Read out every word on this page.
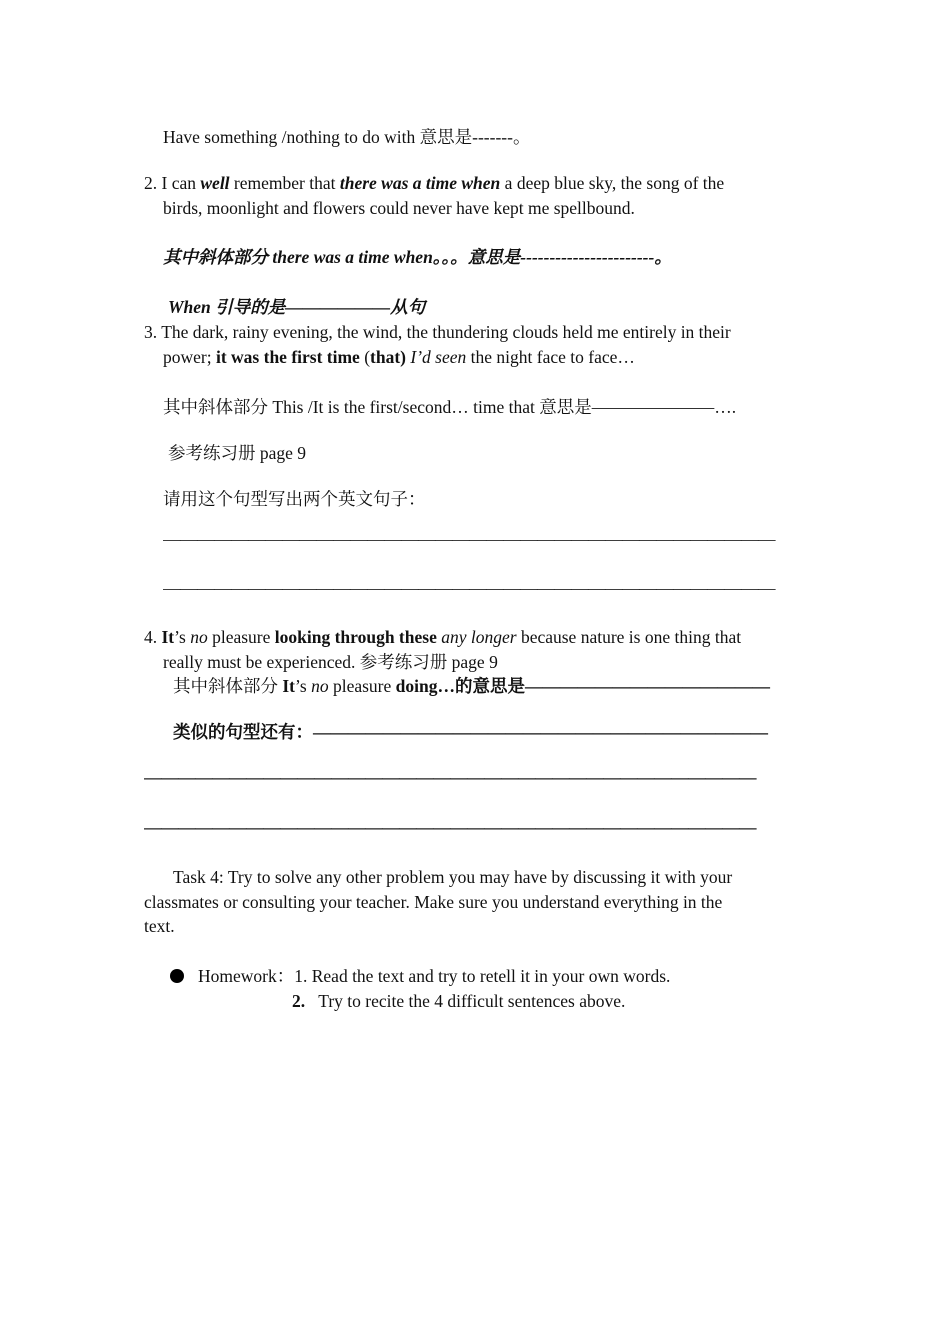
Have something /nothing to do with 意思是-------。
2. I can well remember that there was a time when a deep blue sky, the song of the
birds, moonlight and flowers could never have kept me spellbound.
其中斜体部分 there was a time when。。。意思是-----------------------。
When 引导的是——————从句
3. The dark, rainy evening, the wind, the thundering clouds held me entirely in their
power; it was the first time (that) I’d seen the night face to face…
其中斜体部分 This /It is the first/second… time that 意思是———————….
参考练习册 page 9
请用这个句型写出两个英文句子：
————————————————————————————————————
————————————————————————————————————
4. It’s no pleasure looking through these any longer because nature is one thing that
really must be experienced. 参考练习册 page 9
其中斜体部分 It’s no pleasure doing…的意思是——————————————
类似的句型还有：——————————————————————————
————————————————————————————————————
————————————————————————————————————
Task 4: Try to solve any other problem you may have by discussing it with your
classmates or consulting your teacher. Make sure you understand everything in the
text.
Homework：1. Read the text and try to retell it in your own words.
2. Try to recite the 4 difficult sentences above.
